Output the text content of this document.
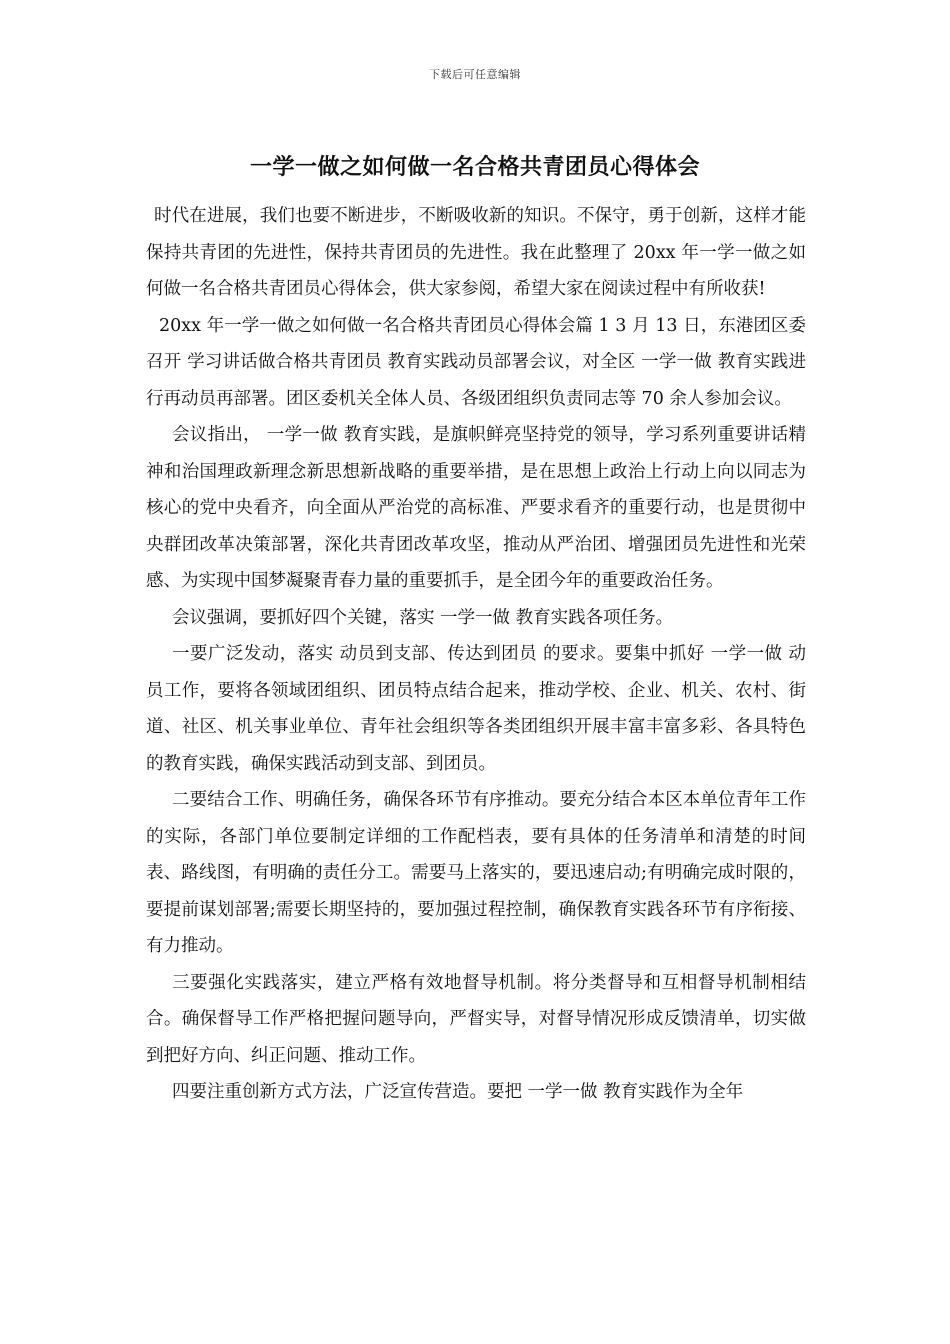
下载后可任意编辑
一学一做之如何做一名合格共青团员心得体会

时代在进展，我们也要不断进步，不断吸收新的知识。不保守，勇于创新，这样才能保持共青团的先进性，保持共青团员的先进性。我在此整理了 20xx 年一学一做之如何做一名合格共青团员心得体会，供大家参阅，希望大家在阅读过程中有所收获!

20xx 年一学一做之如何做一名合格共青团员心得体会篇 1 3 月 13 日，东港团区委召开 学习讲话做合格共青团员 教育实践动员部署会议，对全区 一学一做 教育实践进行再动员再部署。团区委机关全体人员、各级团组织负责同志等 70 余人参加会议。

会议指出， 一学一做 教育实践，是旗帜鲜亮坚持党的领导，学习系列重要讲话精神和治国理政新理念新思想新战略的重要举措，是在思想上政治上行动上向以同志为核心的党中央看齐，向全面从严治党的高标准、严要求看齐的重要行动，也是贯彻中央群团改革决策部署，深化共青团改革攻坚，推动从严治团、增强团员先进性和光荣感、为实现中国梦凝聚青春力量的重要抓手，是全团今年的重要政治任务。

会议强调，要抓好四个关键，落实 一学一做 教育实践各项任务。

一要广泛发动，落实 动员到支部、传达到团员 的要求。要集中抓好 一学一做 动员工作，要将各领域团组织、团员特点结合起来，推动学校、企业、机关、农村、街道、社区、机关事业单位、青年社会组织等各类团组织开展丰富丰富多彩、各具特色的教育实践，确保实践活动到支部、到团员。

二要结合工作、明确任务，确保各环节有序推动。要充分结合本区本单位青年工作的实际，各部门单位要制定详细的工作配档表，要有具体的任务清单和清楚的时间表、路线图，有明确的责任分工。需要马上落实的，要迅速启动;有明确完成时限的，要提前谋划部署;需要长期坚持的，要加强过程控制，确保教育实践各环节有序衔接、有力推动。

三要强化实践落实，建立严格有效地督导机制。将分类督导和互相督导机制相结合。确保督导工作严格把握问题导向，严督实导，对督导情况形成反馈清单，切实做到把好方向、纠正问题、推动工作。

四要注重创新方式方法，广泛宣传营造。要把 一学一做 教育实践作为全年
